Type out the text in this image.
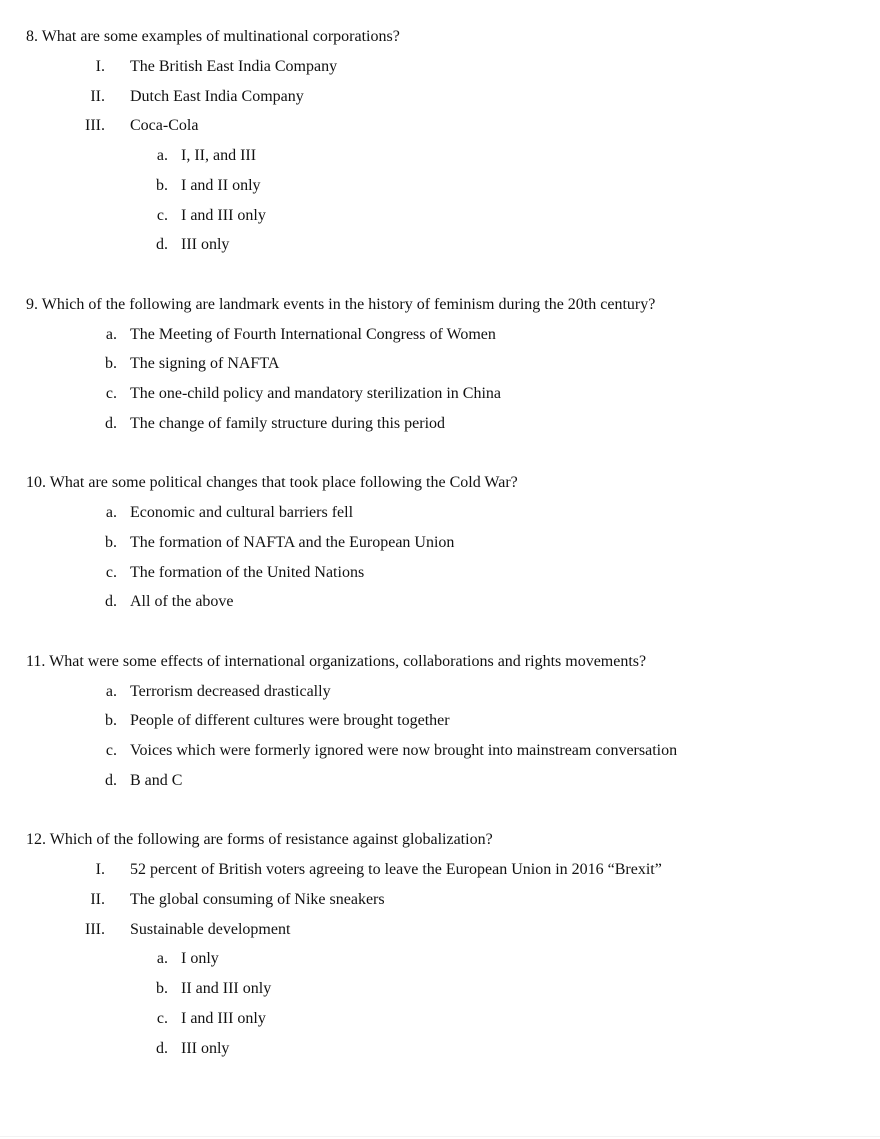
8. What are some examples of multinational corporations?
I. The British East India Company
II. Dutch East India Company
III. Coca-Cola
a. I, II, and III
b. I and II only
c. I and III only
d. III only
9. Which of the following are landmark events in the history of feminism during the 20th century?
a. The Meeting of Fourth International Congress of Women
b. The signing of NAFTA
c. The one-child policy and mandatory sterilization in China
d. The change of family structure during this period
10. What are some political changes that took place following the Cold War?
a. Economic and cultural barriers fell
b. The formation of NAFTA and the European Union
c. The formation of the United Nations
d. All of the above
11. What were some effects of international organizations, collaborations and rights movements?
a. Terrorism decreased drastically
b. People of different cultures were brought together
c. Voices which were formerly ignored were now brought into mainstream conversation
d. B and C
12. Which of the following are forms of resistance against globalization?
I. 52 percent of British voters agreeing to leave the European Union in 2016 “Brexit”
II. The global consuming of Nike sneakers
III. Sustainable development
a. I only
b. II and III only
c. I and III only
d. III only
